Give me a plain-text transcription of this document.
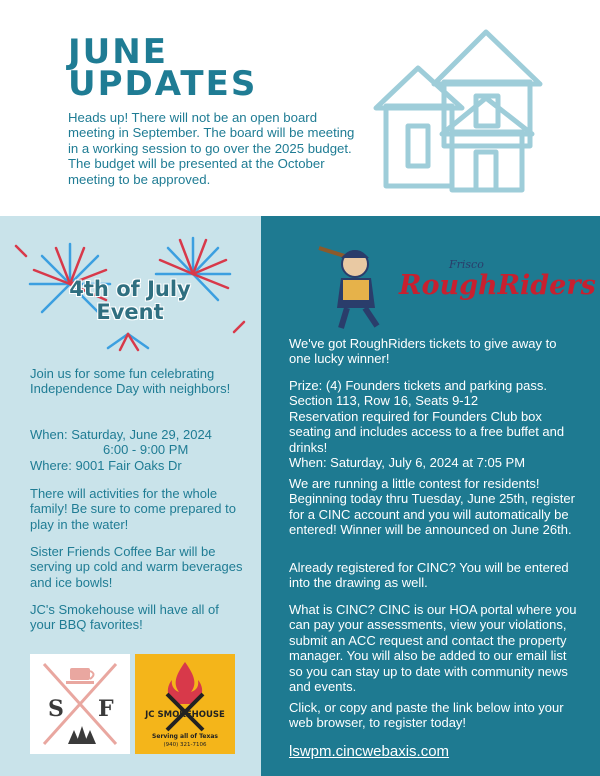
JUNE
UPDATES

Heads up! There will not be an open board meeting in September. The board will be meeting in a working session to go over the 2025 budget. The budget will be presented at the October meeting to be approved.

4th of July
Event

Join us for some fun celebrating Independence Day with neighbors!

When: Saturday, June 29, 2024
6:00 - 9:00 PM
Where: 9001 Fair Oaks Dr

There will activities for the whole family! Be sure to come prepared to play in the water!

Sister Friends Coffee Bar will be serving up cold and warm beverages and ice bowls!

JC's Smokehouse will have all of your BBQ favorites!

S F	JC SMOKEHOUSE
Serving all of Texas
(940) 321-7106
Frisco
RoughRiders

We've got RoughRiders tickets to give away to one lucky winner!

Prize: (4) Founders tickets and parking pass.
Section 113, Row 16, Seats 9-12
Reservation required for Founders Club box seating and includes access to a free buffet and drinks!
When: Saturday, July 6, 2024 at 7:05 PM

We are running a little contest for residents! Beginning today thru Tuesday, June 25th, register for a CINC account and you will automatically be entered! Winner will be announced on June 26th.

Already registered for CINC? You will be entered into the drawing as well.

What is CINC? CINC is our HOA portal where you can pay your assessments, view your violations, submit an ACC request and contact the property manager. You will also be added to our email list so you can stay up to date with community news and events.

Click, or copy and paste the link below into your web browser, to register today!

lswpm.cincwebaxis.com
